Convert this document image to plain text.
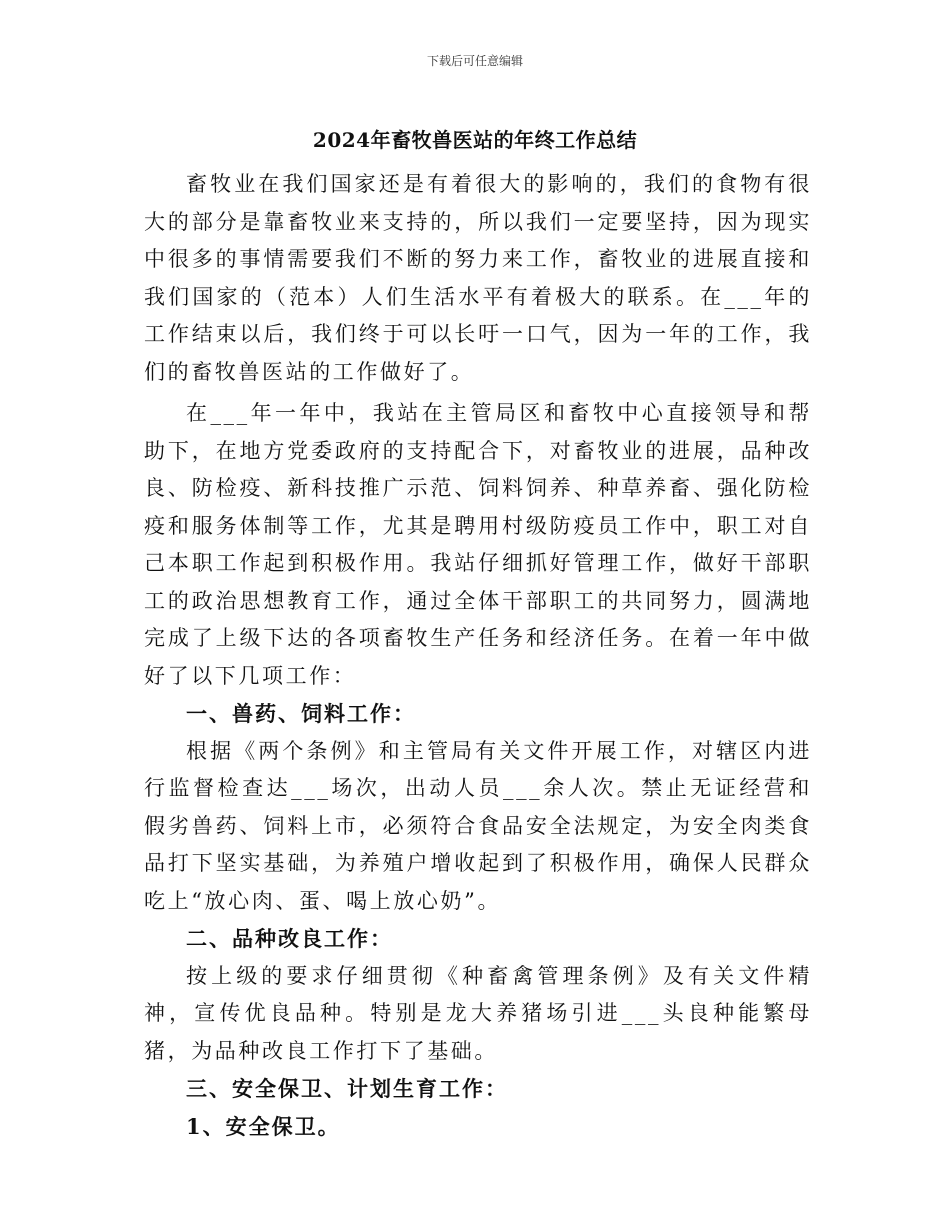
下载后可任意编辑
2024年畜牧兽医站的年终工作总结

畜牧业在我们国家还是有着很大的影响的，我们的食物有很大的部分是靠畜牧业来支持的，所以我们一定要坚持，因为现实中很多的事情需要我们不断的努力来工作，畜牧业的进展直接和我们国家的（范本）人们生活水平有着极大的联系。在___年的工作结束以后，我们终于可以长吁一口气，因为一年的工作，我们的畜牧兽医站的工作做好了。

在___年一年中，我站在主管局区和畜牧中心直接领导和帮助下，在地方党委政府的支持配合下，对畜牧业的进展，品种改良、防检疫、新科技推广示范、饲料饲养、种草养畜、强化防检疫和服务体制等工作，尤其是聘用村级防疫员工作中，职工对自己本职工作起到积极作用。我站仔细抓好管理工作，做好干部职工的政治思想教育工作，通过全体干部职工的共同努力，圆满地完成了上级下达的各项畜牧生产任务和经济任务。在着一年中做好了以下几项工作：

一、兽药、饲料工作：

根据《两个条例》和主管局有关文件开展工作，对辖区内进行监督检查达___场次，出动人员___余人次。禁止无证经营和假劣兽药、饲料上市，必须符合食品安全法规定，为安全肉类食品打下坚实基础，为养殖户增收起到了积极作用，确保人民群众吃上“放心肉、蛋、喝上放心奶”。

二、品种改良工作：

按上级的要求仔细贯彻《种畜禽管理条例》及有关文件精神，宣传优良品种。特别是龙大养猪场引进___头良种能繁母猪，为品种改良工作打下了基础。

三、安全保卫、计划生育工作：

1、安全保卫。
